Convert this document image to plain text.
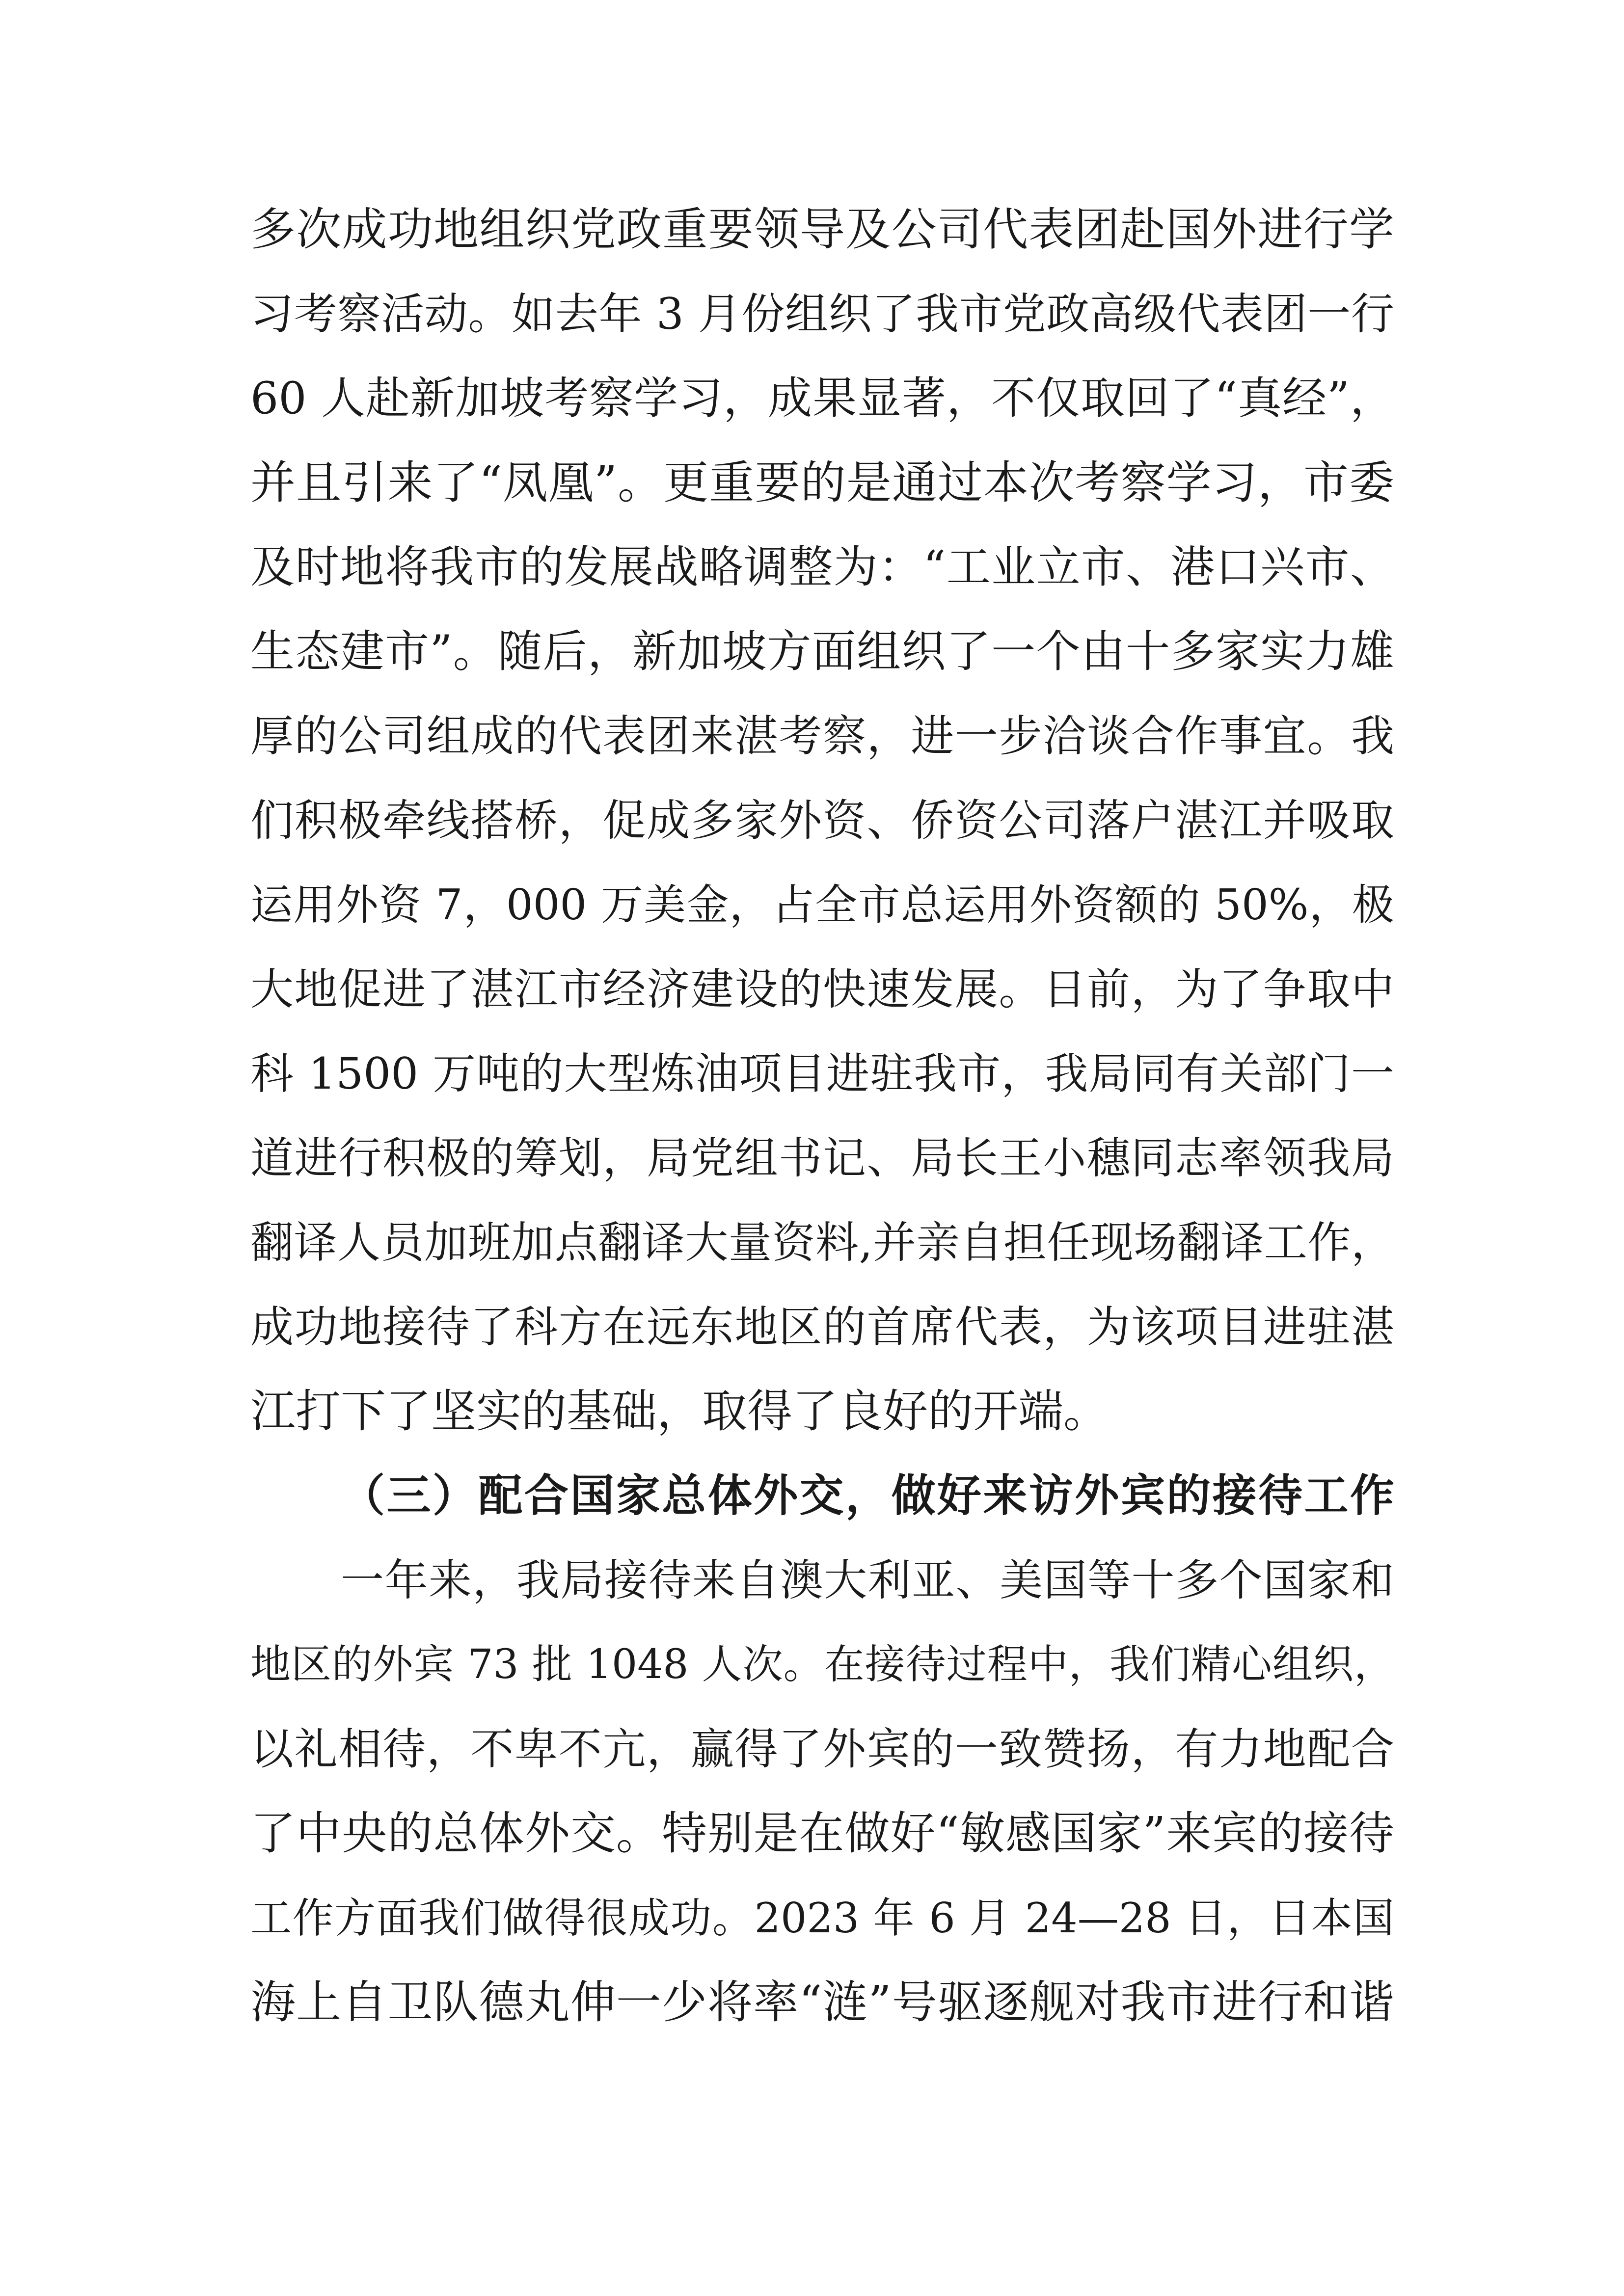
多次成功地组织党政重要领导及公司代表团赴国外进行学
习考察活动。如去年 3 月份组织了我市党政高级代表团一行
60 人赴新加坡考察学习，成果显著，不仅取回了“真经”，
并且引来了“凤凰”。更重要的是通过本次考察学习，市委
及时地将我市的发展战略调整为：“工业立市、港口兴市、
生态建市”。随后，新加坡方面组织了一个由十多家实力雄
厚的公司组成的代表团来湛考察，进一步洽谈合作事宜。我
们积极牵线搭桥，促成多家外资、侨资公司落户湛江并吸取
运用外资 7，000 万美金，占全市总运用外资额的 50%，极
大地促进了湛江市经济建设的快速发展。日前，为了争取中
科 1500 万吨的大型炼油项目进驻我市，我局同有关部门一
道进行积极的筹划，局党组书记、局长王小穗同志率领我局
翻译人员加班加点翻译大量资料,并亲自担任现场翻译工作，
成功地接待了科方在远东地区的首席代表，为该项目进驻湛
江打下了坚实的基础，取得了良好的开端。
（三）配合国家总体外交，做好来访外宾的接待工作
一年来，我局接待来自澳大利亚、美国等十多个国家和
地区的外宾 73 批 1048 人次。在接待过程中，我们精心组织，
以礼相待，不卑不亢，赢得了外宾的一致赞扬，有力地配合
了中央的总体外交。特别是在做好“敏感国家”来宾的接待
工作方面我们做得很成功。2023 年 6 月 24—28 日，日本国
海上自卫队德丸伸一少将率“涟”号驱逐舰对我市进行和谐
